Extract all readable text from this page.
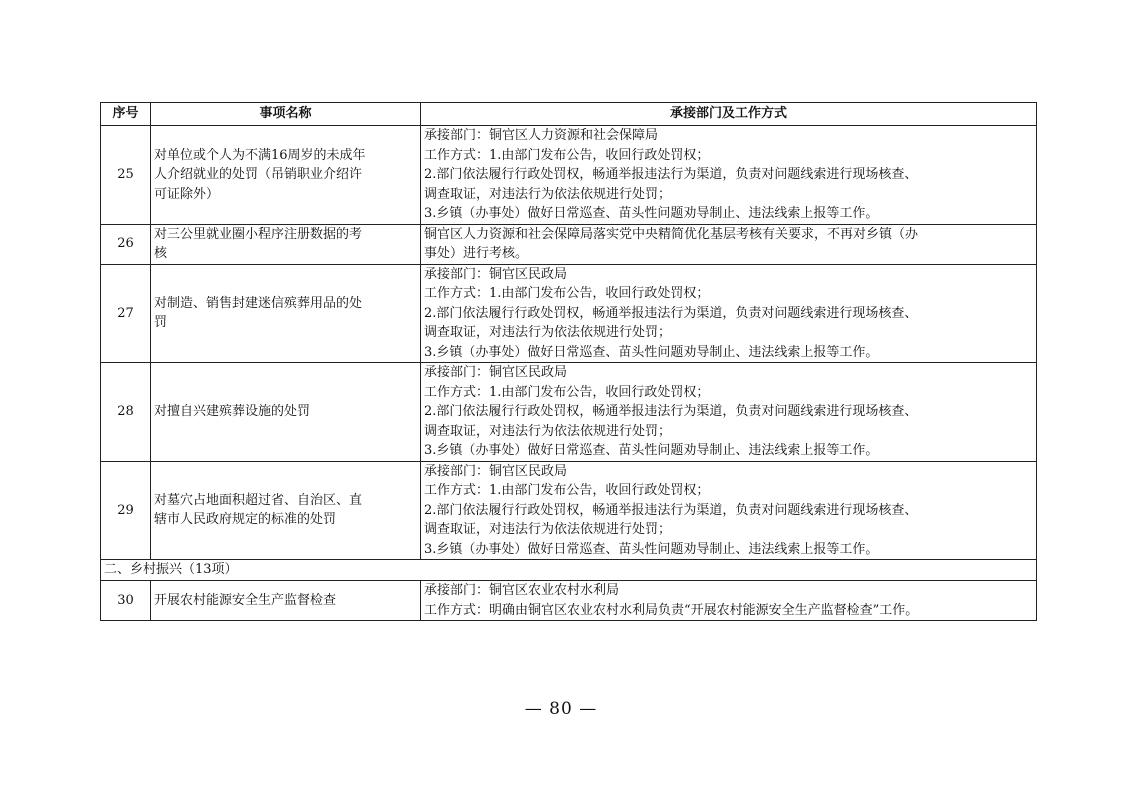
序号	事项名称	承接部门及工作方式
25	对单位或个人为不满16周岁的未成年
人介绍就业的处罚（吊销职业介绍许
可证除外）	承接部门：铜官区人力资源和社会保障局
工作方式：1.由部门发布公告，收回行政处罚权；
2.部门依法履行行政处罚权，畅通举报违法行为渠道，负责对问题线索进行现场核查、
调查取证，对违法行为依法依规进行处罚；
3.乡镇（办事处）做好日常巡查、苗头性问题劝导制止、违法线索上报等工作。

26	对三公里就业圈小程序注册数据的考
核	铜官区人力资源和社会保障局落实党中央精简优化基层考核有关要求，不再对乡镇（办
事处）进行考核。

27	对制造、销售封建迷信殡葬用品的处
罚	承接部门：铜官区民政局
工作方式：1.由部门发布公告，收回行政处罚权；
2.部门依法履行行政处罚权，畅通举报违法行为渠道，负责对问题线索进行现场核查、
调查取证，对违法行为依法依规进行处罚；
3.乡镇（办事处）做好日常巡查、苗头性问题劝导制止、违法线索上报等工作。

28	对擅自兴建殡葬设施的处罚	承接部门：铜官区民政局
工作方式：1.由部门发布公告，收回行政处罚权；
2.部门依法履行行政处罚权，畅通举报违法行为渠道，负责对问题线索进行现场核查、
调查取证，对违法行为依法依规进行处罚；
3.乡镇（办事处）做好日常巡查、苗头性问题劝导制止、违法线索上报等工作。

29	对墓穴占地面积超过省、自治区、直
辖市人民政府规定的标准的处罚	承接部门：铜官区民政局
工作方式：1.由部门发布公告，收回行政处罚权；
2.部门依法履行行政处罚权，畅通举报违法行为渠道，负责对问题线索进行现场核查、
调查取证，对违法行为依法依规进行处罚；
3.乡镇（办事处）做好日常巡查、苗头性问题劝导制止、违法线索上报等工作。

二、乡村振兴（13项）		
30	开展农村能源安全生产监督检查	承接部门：铜官区农业农村水利局
工作方式：明确由铜官区农业农村水利局负责“开展农村能源安全生产监督检查”工作。
— 80 —
